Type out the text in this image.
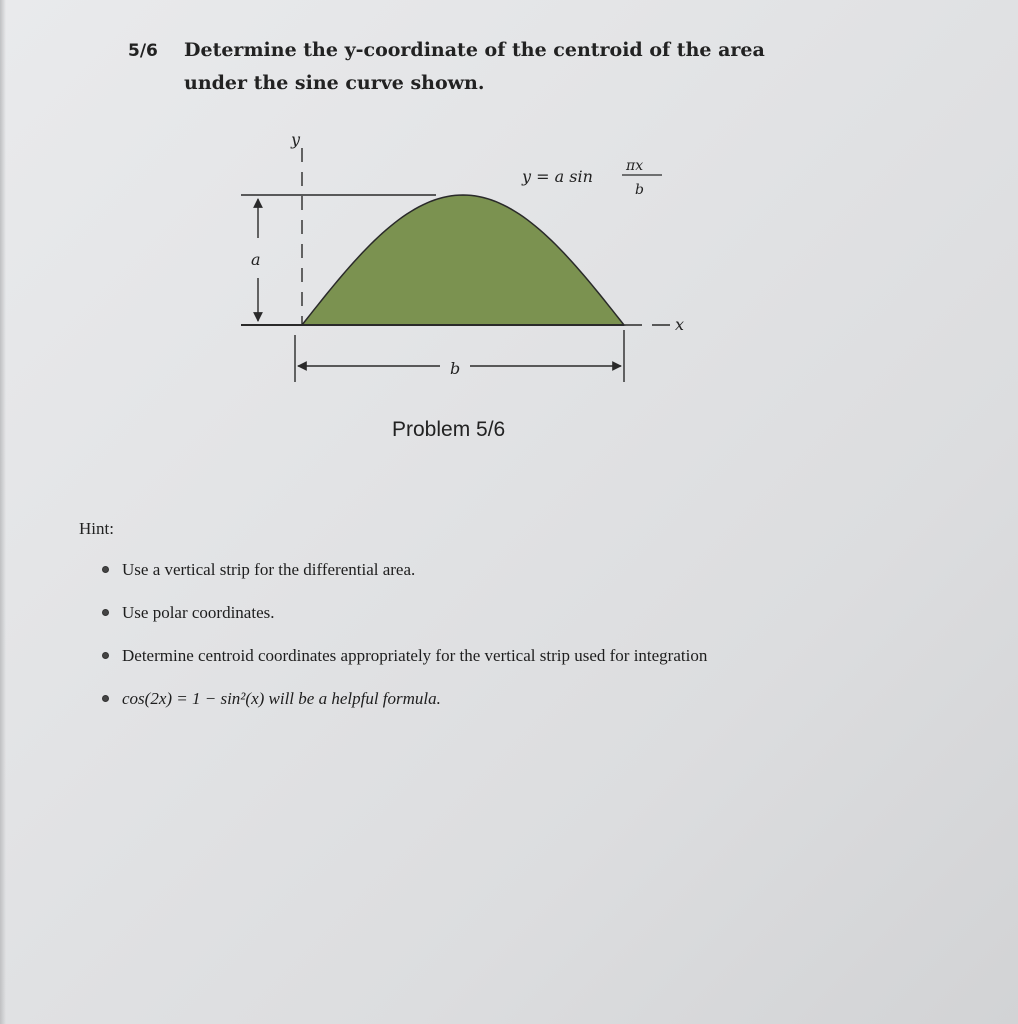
5/6 Determine the y-coordinate of the centroid of the area
under the sine curve shown.
y
x
a
b
y = a sin
πx
b
Problem 5/6
Hint:
Use a vertical strip for the differential area.
Use polar coordinates.
Determine centroid coordinates appropriately for the vertical strip used for integration
cos(2x) = 1 − sin²(x) will be a helpful formula.
